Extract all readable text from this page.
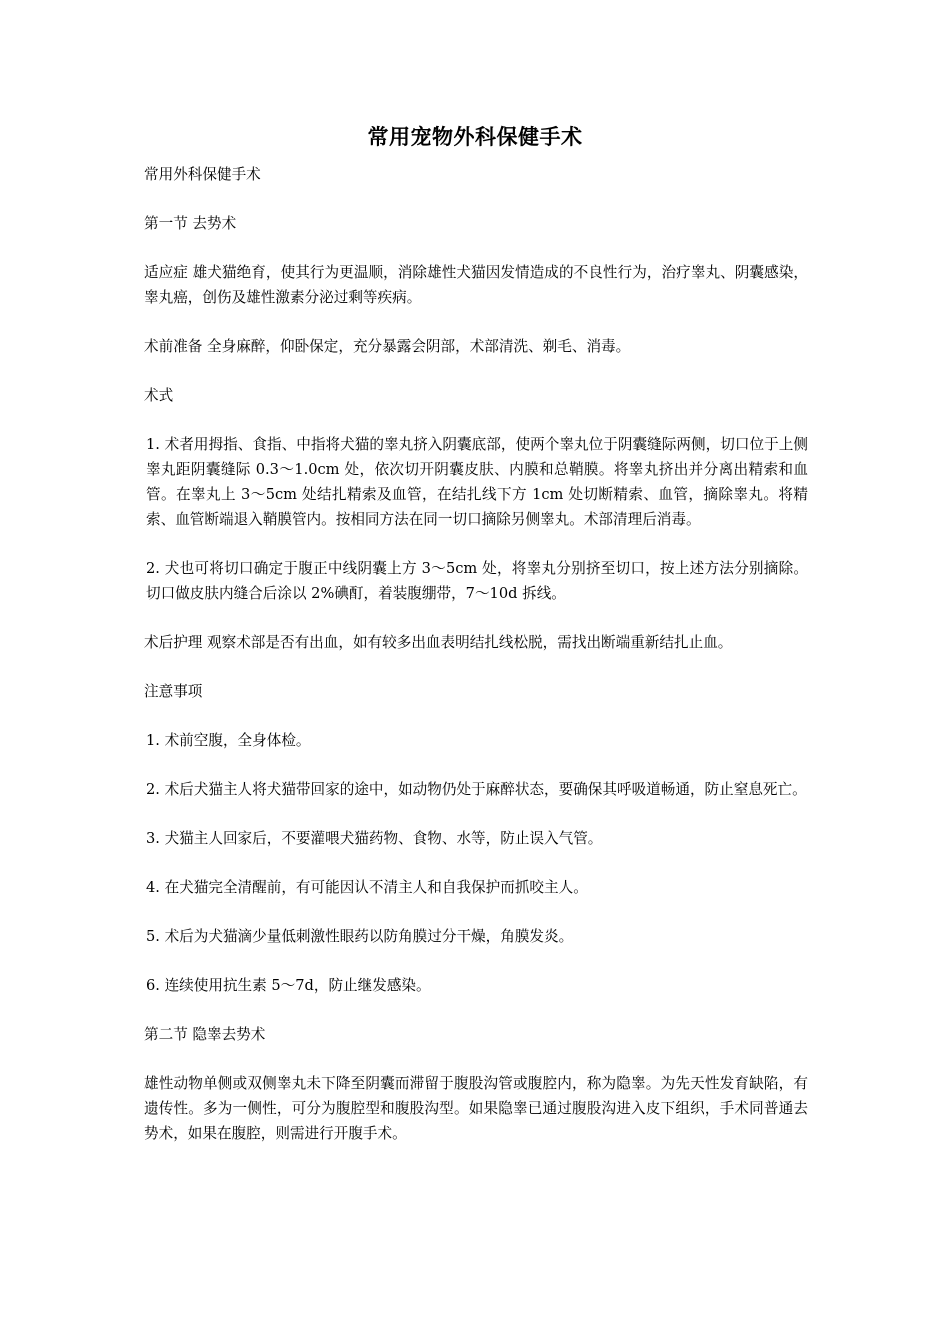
常用宠物外科保健手术

常用外科保健手术

第一节 去势术

适应症 雄犬猫绝育，使其行为更温顺，消除雄性犬猫因发情造成的不良性行为，治疗睾丸、阴囊感染，睾丸癌，创伤及雄性激素分泌过剩等疾病。

术前准备 全身麻醉，仰卧保定，充分暴露会阴部，术部清洗、剃毛、消毒。

术式

1. 术者用拇指、食指、中指将犬猫的睾丸挤入阴囊底部，使两个睾丸位于阴囊缝际两侧，切口位于上侧睾丸距阴囊缝际 0.3～1.0cm 处，依次切开阴囊皮肤、内膜和总鞘膜。将睾丸挤出并分离出精索和血管。在睾丸上 3～5cm 处结扎精索及血管，在结扎线下方 1cm 处切断精索、血管，摘除睾丸。将精索、血管断端退入鞘膜管内。按相同方法在同一切口摘除另侧睾丸。术部清理后消毒。

2. 犬也可将切口确定于腹正中线阴囊上方 3～5cm 处，将睾丸分别挤至切口，按上述方法分别摘除。切口做皮肤内缝合后涂以 2%碘酊，着装腹绷带，7～10d 拆线。

术后护理 观察术部是否有出血，如有较多出血表明结扎线松脱，需找出断端重新结扎止血。

注意事项

1. 术前空腹，全身体检。

2. 术后犬猫主人将犬猫带回家的途中，如动物仍处于麻醉状态，要确保其呼吸道畅通，防止窒息死亡。

3. 犬猫主人回家后，不要灌喂犬猫药物、食物、水等，防止误入气管。

4. 在犬猫完全清醒前，有可能因认不清主人和自我保护而抓咬主人。

5. 术后为犬猫滴少量低刺激性眼药以防角膜过分干燥，角膜发炎。

6. 连续使用抗生素 5～7d，防止继发感染。

第二节 隐睾去势术

雄性动物单侧或双侧睾丸未下降至阴囊而滞留于腹股沟管或腹腔内，称为隐睾。为先天性发育缺陷，有遗传性。多为一侧性，可分为腹腔型和腹股沟型。如果隐睾已通过腹股沟进入皮下组织，手术同普通去势术，如果在腹腔，则需进行开腹手术。
